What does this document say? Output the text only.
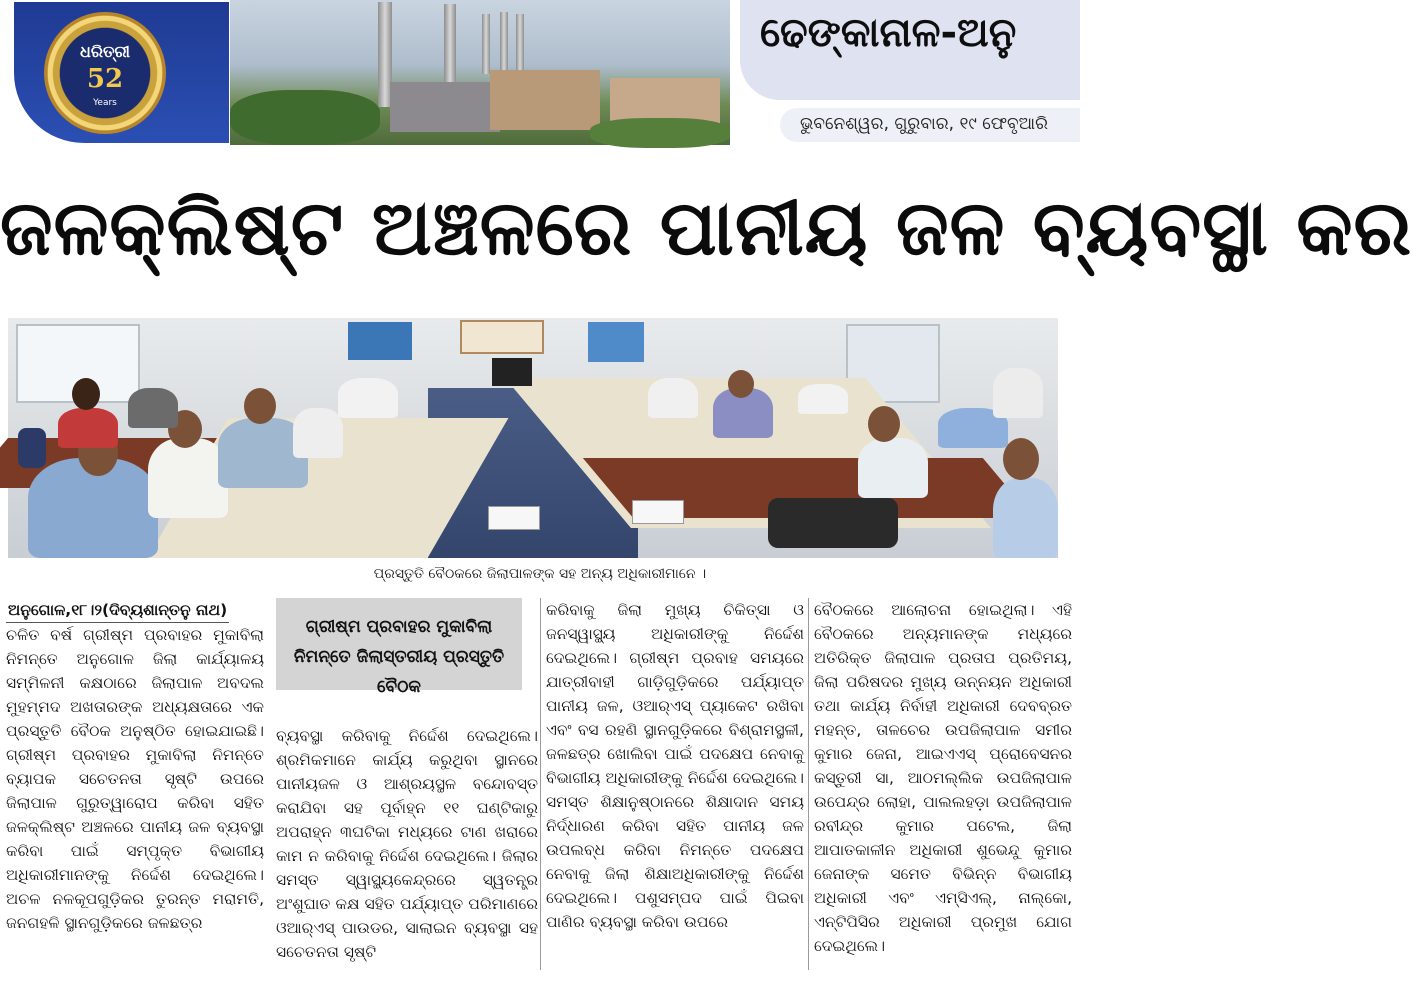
ଧରିତ୍ରୀ
52
Years
ଢେଙ୍କାନାଳ-ଅନୁ
ଭୁବନେଶ୍ୱର, ଗୁରୁବାର, ୧୯ ଫେବୃଆରି
ଜଳକ୍ଲିଷ୍ଟ ଅଞ୍ଚଳରେ ପାନୀୟ ଜଳ ବ୍ୟବସ୍ଥା କର
ପ୍ରସ୍ତୁତି ବୈଠକରେ ଜିଲାପାଳଙ୍କ ସହ ଅନ୍ୟ ଅଧିକାରୀମାନେ ।
ଅନୁଗୋଳ,୧୮।୨(ଦିବ୍ୟଶାନ୍ତନୁ ନାଥ)

ଚଳିତ ବର୍ଷ ଗ୍ରୀଷ୍ମ ପ୍ରବାହର ମୁକାବିଲା ନିମନ୍ତେ ଅନୁଗୋଳ ଜିଲା କାର୍ଯ୍ୟାଳୟ ସମ୍ମିଳନୀ କକ୍ଷଠାରେ ଜିଲାପାଳ ଅବଦଲ ମୁହମ୍ମଦ ଅଖତାରଙ୍କ ଅଧ୍ୟକ୍ଷତାରେ ଏକ ପ୍ରସ୍ତୁତି ବୈଠକ ଅନୁଷ୍ଠିତ ହୋଇଯାଇଛି। ଗ୍ରୀଷ୍ମ ପ୍ରବାହର ମୁକାବିଲା ନିମନ୍ତେ ବ୍ୟାପକ ସଚେତନତା ସୃଷ୍ଟି ଉପରେ ଜିଲାପାଳ ଗୁରୁତ୍ୱାରୋପ କରିବା ସହିତ ଜଳକ୍ଲିଷ୍ଟ ଅଞ୍ଚଳରେ ପାନୀୟ ଜଳ ବ୍ୟବସ୍ଥା କରିବା ପାଇଁ ସମ୍ପୃକ୍ତ ବିଭାଗୀୟ ଅଧିକାରୀମାନଙ୍କୁ ନିର୍ଦ୍ଦେଶ ଦେଇଥିଲେ। ଅଚଳ ନଳକୂପଗୁଡ଼ିକର ତୁରନ୍ତ ମରାମତି, ଜନଗହଳି ସ୍ଥାନଗୁଡ଼ିକରେ ଜଳଛତ୍ର

ଗ୍ରୀଷ୍ମ ପ୍ରବାହର ମୁକାବିଲା ନିମନ୍ତେ ଜିଲାସ୍ତରୀୟ ପ୍ରସ୍ତୁତି ବୈଠକ

ବ୍ୟବସ୍ଥା କରିବାକୁ ନିର୍ଦ୍ଦେଶ ଦେଇଥିଲେ। ଶ୍ରମିକମାନେ କାର୍ଯ୍ୟ କରୁଥିବା ସ୍ଥାନରେ ପାନୀୟଜଳ ଓ ଆଶ୍ରୟସ୍ଥଳ ବନ୍ଦୋବସ୍ତ କରାଯିବା ସହ ପୂର୍ବାହ୍ନ ୧୧ ଘଣ୍ଟିକାରୁ ଅପରାହ୍ନ ୩ଘଟିକା ମଧ୍ୟରେ ଟାଣ ଖରାରେ କାମ ନ କରିବାକୁ ନିର୍ଦ୍ଦେଶ ଦେଇଥିଲେ। ଜିଲାର ସମସ୍ତ ସ୍ୱାସ୍ଥ୍ୟକେନ୍ଦ୍ରରେ ସ୍ୱତନ୍ତ୍ର ଅଂଶୁଘାତ କକ୍ଷ ସହିତ ପର୍ଯ୍ୟାପ୍ତ ପରିମାଣରେ ଓଆର୍‌ଏସ୍ ପାଉଡର, ସାଲାଇନ ବ୍ୟବସ୍ଥା ସହ ସଚେତନତା ସୃଷ୍ଟି

କରିବାକୁ ଜିଲା ମୁଖ୍ୟ ଚିକିତ୍ସା ଓ ଜନସ୍ୱାସ୍ଥ୍ୟ ଅଧିକାରୀଙ୍କୁ ନିର୍ଦ୍ଦେଶ ଦେଇଥିଲେ। ଗ୍ରୀଷ୍ମ ପ୍ରବାହ ସମୟରେ ଯାତ୍ରୀବାହୀ ଗାଡ଼ିଗୁଡ଼ିକରେ ପର୍ଯ୍ୟାପ୍ତ ପାନୀୟ ଜଳ, ଓଆର୍‌ଏସ୍ ପ୍ୟାକେଟ ରଖିବା ଏବଂ ବସ ରହଣି ସ୍ଥାନଗୁଡ଼ିକରେ ବିଶ୍ରାମସ୍ଥଳୀ, ଜଳଛତ୍ର ଖୋଲିବା ପାଇଁ ପଦକ୍ଷେପ ନେବାକୁ ବିଭାଗୀୟ ଅଧିକାରୀଙ୍କୁ ନିର୍ଦ୍ଦେଶ ଦେଇଥିଲେ। ସମସ୍ତ ଶିକ୍ଷାନୁଷ୍ଠାନରେ ଶିକ୍ଷାଦାନ ସମୟ ନିର୍ଦ୍ଧାରଣ କରିବା ସହିତ ପାନୀୟ ଜଳ ଉପଲବ୍ଧ କରିବା ନିମନ୍ତେ ପଦକ୍ଷେପ ନେବାକୁ ଜିଲା ଶିକ୍ଷାଅଧିକାରୀଙ୍କୁ ନିର୍ଦ୍ଦେଶ ଦେଇଥିଲେ। ପଶୁସମ୍ପଦ ପାଇଁ ପିଇବା ପାଣିର ବ୍ୟବସ୍ଥା କରିବା ଉପରେ

ବୈଠକରେ ଆଲୋଚନା ହୋଇଥିଲା। ଏହି ବୈଠକରେ ଅନ୍ୟମାନଙ୍କ ମଧ୍ୟରେ ଅତିରିକ୍ତ ଜିଲାପାଳ ପ୍ରତାପ ପ୍ରତିମୟ, ଜିଲା ପରିଷଦର ମୁଖ୍ୟ ଉନ୍ନୟନ ଅଧିକାରୀ ତଥା କାର୍ଯ୍ୟ ନିର୍ବାହୀ ଅଧିକାରୀ ଦେବବ୍ରତ ମହନ୍ତ, ତାଳଚେର ଉପଜିଲାପାଳ ସମୀର କୁମାର ଜେନା, ଆଇଏଏସ୍ ପ୍ରୋବେସନର କସ୍ତୁରୀ ସା, ଆଠମଲ୍ଲିକ ଉପଜିଲାପାଳ ଉପେନ୍ଦ୍ର ଲୋହା, ପାଲଲହଡ଼ା ଉପଜିଲାପାଳ ରବୀନ୍ଦ୍ର କୁମାର ପଟେଲ, ଜିଲା ଆପାତକାଳୀନ ଅଧିକାରୀ ଶୁଭେନ୍ଦୁ କୁମାର ଜେନାଙ୍କ ସମେତ ବିଭିନ୍ନ ବିଭାଗୀୟ ଅଧିକାରୀ ଏବଂ ଏମ୍‌ସିଏଲ୍, ନାଲ୍‌କୋ, ଏନ୍‌ଟିପିସିର ଅଧିକାରୀ ପ୍ରମୁଖ ଯୋଗ ଦେଇଥିଲେ।
